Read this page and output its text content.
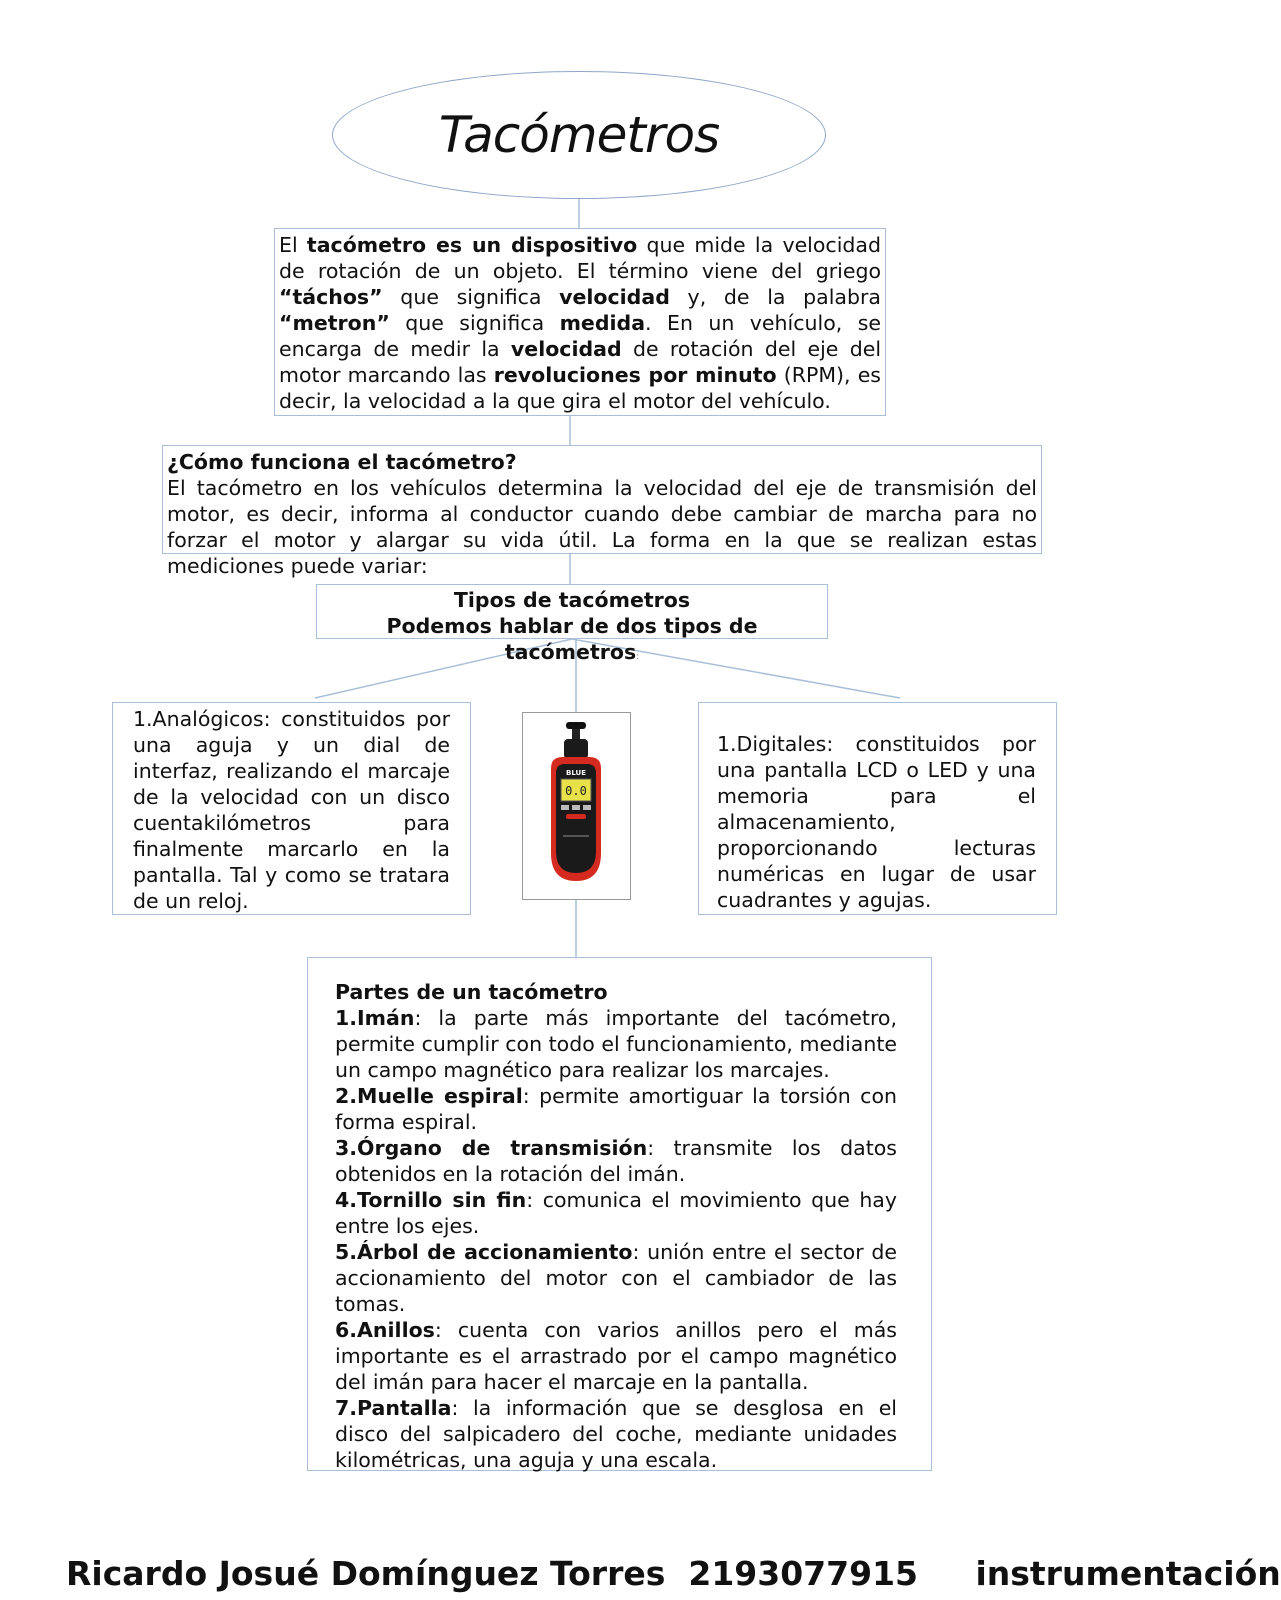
Tacómetros
El tacómetro es un dispositivo que mide la velocidad de rotación de un objeto. El término viene del griego “táchos” que significa velocidad y, de la palabra “metron” que significa medida. En un vehículo, se encarga de medir la velocidad de rotación del eje del motor marcando las revoluciones por minuto (RPM), es decir, la velocidad a la que gira el motor del vehículo.
¿Cómo funciona el tacómetro?
El tacómetro en los vehículos determina la velocidad del eje de transmisión del motor, es decir, informa al conductor cuando debe cambiar de marcha para no forzar el motor y alargar su vida útil. La forma en la que se realizan estas mediciones puede variar:
Tipos de tacómetros
Podemos hablar de dos tipos de tacómetros:
1.Analógicos: constituidos por una aguja y un dial de interfaz, realizando el marcaje de la velocidad con un disco cuentakilómetros para finalmente marcarlo en la pantalla. Tal y como se tratara de un reloj.
BLUE
0.0
1.Digitales: constituidos por una pantalla LCD o LED y una memoria para el almacenamiento, proporcionando lecturas numéricas en lugar de usar cuadrantes y agujas.
Partes de un tacómetro
1.Imán: la parte más importante del tacómetro, permite cumplir con todo el funcionamiento, mediante un campo magnético para realizar los marcajes.
2.Muelle espiral: permite amortiguar la torsión con forma espiral.
3.Órgano de transmisión: transmite los datos obtenidos en la rotación del imán.
4.Tornillo sin fin: comunica el movimiento que hay entre los ejes.
5.Árbol de accionamiento: unión entre el sector de accionamiento del motor con el cambiador de las tomas.
6.Anillos: cuenta con varios anillos pero el más importante es el arrastrado por el campo magnético del imán para hacer el marcaje en la pantalla.
7.Pantalla: la información que se desglosa en el disco del salpicadero del coche, mediante unidades kilométricas, una aguja y una escala.
Ricardo Josué Domínguez Torres 2193077915 instrumentación
